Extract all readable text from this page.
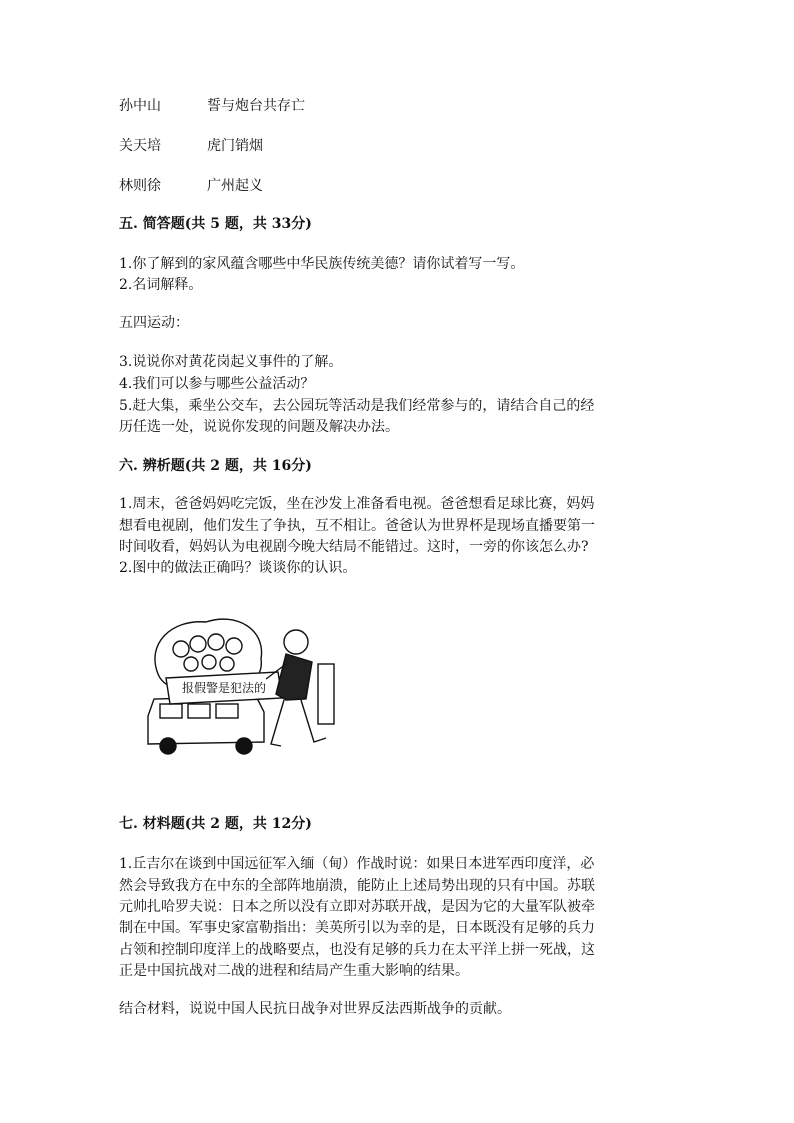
孙中山	誓与炮台共存亡
关天培	虎门销烟
林则徐	广州起义
五. 简答题(共 5 题，共 33分)
1.你了解到的家风蕴含哪些中华民族传统美德？请你试着写一写。
2.名词解释。
五四运动：
3.说说你对黄花岗起义事件的了解。
4.我们可以参与哪些公益活动？
5.赶大集，乘坐公交车，去公园玩等活动是我们经常参与的，请结合自己的经
历任选一处，说说你发现的问题及解决办法。
六. 辨析题(共 2 题，共 16分)
1.周末，爸爸妈妈吃完饭，坐在沙发上准备看电视。爸爸想看足球比赛，妈妈
想看电视剧，他们发生了争执，互不相让。爸爸认为世界杯是现场直播要第一
时间收看，妈妈认为电视剧今晚大结局不能错过。这时，一旁的你该怎么办?
2.图中的做法正确吗？谈谈你的认识。
报假警是犯法的
七. 材料题(共 2 题，共 12分)
1.丘吉尔在谈到中国远征军入缅（甸）作战时说：如果日本进军西印度洋，必
然会导致我方在中东的全部阵地崩溃，能防止上述局势出现的只有中国。苏联
元帅扎哈罗夫说：日本之所以没有立即对苏联开战，是因为它的大量军队被牵
制在中国。军事史家富勒指出：美英所引以为幸的是，日本既没有足够的兵力
占领和控制印度洋上的战略要点，也没有足够的兵力在太平洋上拼一死战，这
正是中国抗战对二战的进程和结局产生重大影响的结果。
结合材料，说说中国人民抗日战争对世界反法西斯战争的贡献。
